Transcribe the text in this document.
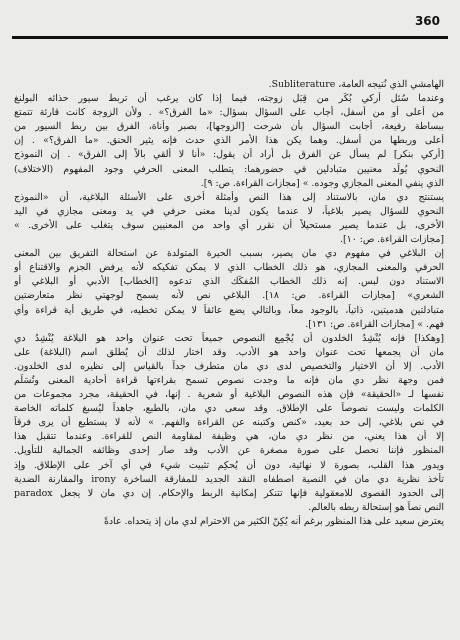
360
الهامشي الذي نُتيجه العامة، Subliterature.
وعندما سُئل أركي بُكَر من قِبَل زوجته، فيما إذا كان يرغب أن تربط سيور حذائه البولنغ
من أعلى أو من أسفل، أجاب على السؤال بسؤال: «ما الفرق؟» . ولأن الزوجة كانت قارئة تتمتع
ببساطة رفيعة، أجابت السؤال بأن شرحت [الزوجها]، بصبر وأناة، الفرق بين ربط السيور من
أعلى وربطها من أسفل. وهما يكن هذا الأمر الذي حدث فإنه يثير الحنق. «ما الفرق؟» . إن
[أركي بنكر] لم يسأل عن الفرق بل أراد أن يقول: «أنا لا ألقي بالاً إلى الفرق» . إن النموذج
النحوي يُولِّد معنيين متبادلين في حضورهما: يتطلب المعنى الحرفي وجود المفهوم (الاختلاف)
الذي ينفي المعنى المجازي وجوده. » [مجازات القراءة. ص: ٩].
يستنتج دي مان، بالاستناد إلى هذا النص وأمثلة أخرى على الأسئلة البلاغية، أن «النموذج
النحوي للسؤال يصير بلاغياً، لا عندما يكون لدينا معنى حرفي في يد ومعنى مجازي في اليد
الأخرى، بل عندما يصير مستحيلاً أن نقرر أي واحد من المعنيين سوف يتغلب على الأخرى. »
[مجازات القراءة. ص: ١٠].
إن البلاغي في مفهوم دي مان يصير، بسبب الحيرة المتولدة عن استحالة التفريق بين المعنى
الحرفي والمعنى المجازي، هو ذلك الخطاب الذي لا يمكن تفكيكه لأنه يرفض الجزم والاقتناع أو
الاستناد دون لبس. إنه ذلك الخطاب المُفكِّك الذي تدعوه [الخطاب] الأدبي أو البلاغي أو
الشعري» [مجازات القراءة. ص: ١٨]. البلاغي نص لأنه يسمح لوجهتي نظر متعارضتين
متبادلتين هدميتين، ذاتياً، بالوجود معاً، وبالتالي يضع عائقاً لا يمكن تخطيه، في طريق أية قراءة وأي
فهم. » [مجازات القراءة. ص: ١٣١].
[وهكذا] فإنه يُنْشِدُ الخلدون أن يُجْمِع النصوص جميعاً تحت عنوان واحد هو البلاغة يُنْشِدُ دي
مان أن يجمعها تحت عنوان واحد هو الأدب. وقد اختار لذلك أن يُطلق اسم (البلاغة) على
الأدب. إلا أن الاختيار والتخصيص لدى دي مان متطرف جداً بالقياس إلى نظيره لدى الخلدون.
فمن وجهة نظر دي مان فإنه ما وجدت نصوص تسمح بقراءتها قراءة أحادية المعنى وتُسَلِّم
نفسها لـ «الحقيقة» فإن هذه النصوص البلاغية أو شعرية . إنها، في الحقيقة، مجرد مجموعات من
الكلمات وليست نصوصاً على الإطلاق. وقد سعى دي مان، بالطبع، جاهداً ليُسبغ كلماته الخاصة
في نص بلاغي، إلى حد بعيد، «كنص وكتبنه عن القراءة والفهم. » لأنه لا يستطيع أن يرى فرقاً
إلا أن هذا يعني، من نظر دي مان، هي وظيفة لمقاومة النص للقراءة. وعندما تتقبل هذا
المنظور فإننا نحصل على صورة مصغرة عن الأدب وقد صار إحدى وظائفه الجمالية للتأويل.
ويدور هذا القلب، بصورة لا نهائية، دون أن يُحكِم تثبيت شيء في أي آخر على الإطلاق. وإذ
تأخذ نظرية دي مان في النصية اصطفاه النقد الجديد للمفارقة الساخرة irony والمقارنة الضدية
paradox إلى الحدود القصوى للامعقولية فإنها تتنكر إمكانية الربط والإحكام. إن دي مان لا يجعل
النص نصاً هو إستحالة ربطه بالعالم.
يعترض سعيد على هذا المنظور برغم أنه يُكِنّ الكثير من الاحترام لدي مان إذ يتحداه. عادةً
